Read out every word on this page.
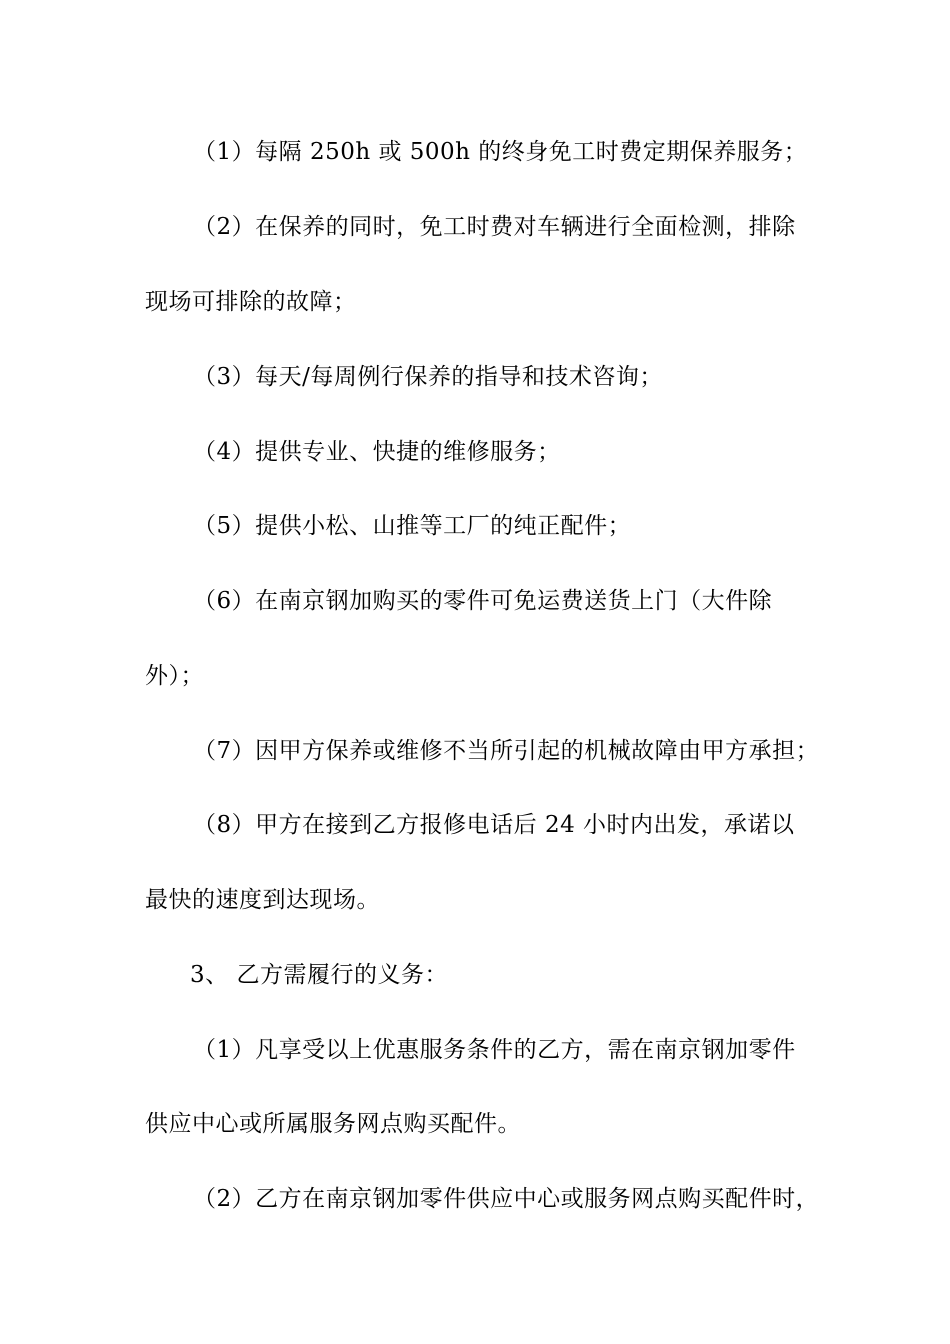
（1）每隔 250h 或 500h 的终身免工时费定期保养服务；
（2）在保养的同时，免工时费对车辆进行全面检测，排除
现场可排除的故障；
（3）每天/每周例行保养的指导和技术咨询；
（4）提供专业、快捷的维修服务；
（5）提供小松、山推等工厂的纯正配件；
（6）在南京钢加购买的零件可免运费送货上门（大件除
外）；
（7）因甲方保养或维修不当所引起的机械故障由甲方承担；
（8）甲方在接到乙方报修电话后 24 小时内出发，承诺以
最快的速度到达现场。
3、 乙方需履行的义务：
（1）凡享受以上优惠服务条件的乙方，需在南京钢加零件
供应中心或所属服务网点购买配件。
（2）乙方在南京钢加零件供应中心或服务网点购买配件时，
